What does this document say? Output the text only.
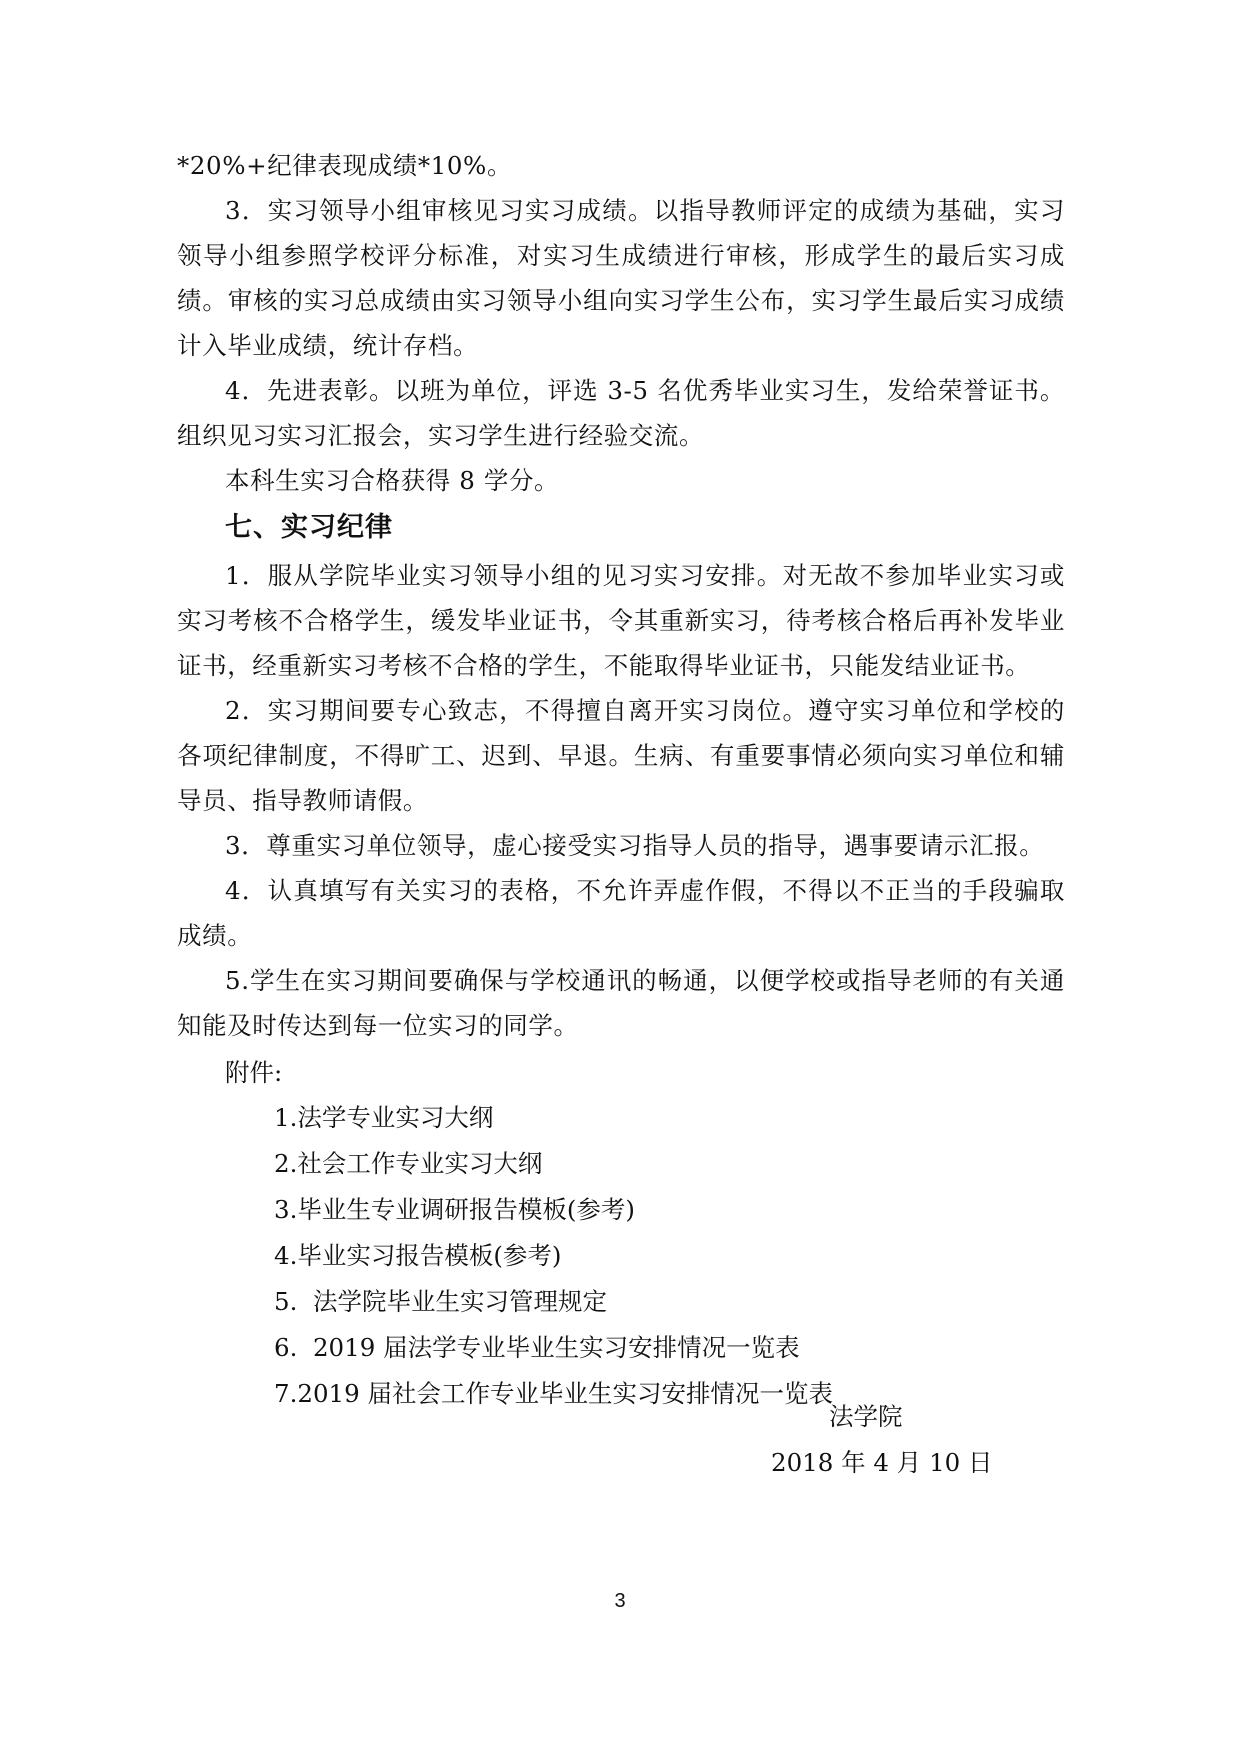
*20%+纪律表现成绩*10%。

3．实习领导小组审核见习实习成绩。以指导教师评定的成绩为基础，实习领导小组参照学校评分标准，对实习生成绩进行审核，形成学生的最后实习成绩。审核的实习总成绩由实习领导小组向实习学生公布，实习学生最后实习成绩计入毕业成绩，统计存档。

4．先进表彰。以班为单位，评选 3-5 名优秀毕业实习生，发给荣誉证书。组织见习实习汇报会，实习学生进行经验交流。

本科生实习合格获得 8 学分。

七、实习纪律

1．服从学院毕业实习领导小组的见习实习安排。对无故不参加毕业实习或实习考核不合格学生，缓发毕业证书，令其重新实习，待考核合格后再补发毕业证书，经重新实习考核不合格的学生，不能取得毕业证书，只能发结业证书。

2．实习期间要专心致志，不得擅自离开实习岗位。遵守实习单位和学校的各项纪律制度，不得旷工、迟到、早退。生病、有重要事情必须向实习单位和辅导员、指导教师请假。

3．尊重实习单位领导，虚心接受实习指导人员的指导，遇事要请示汇报。

4．认真填写有关实习的表格，不允许弄虚作假，不得以不正当的手段骗取成绩。

5.学生在实习期间要确保与学校通讯的畅通，以便学校或指导老师的有关通知能及时传达到每一位实习的同学。

附件:

1.法学专业实习大纲
2.社会工作专业实习大纲
3.毕业生专业调研报告模板(参考)
4.毕业实习报告模板(参考)
5.  法学院毕业生实习管理规定
6.  2019 届法学专业毕业生实习安排情况一览表
7.2019 届社会工作专业毕业生实习安排情况一览表
法学院
2018 年 4 月 10 日
3
